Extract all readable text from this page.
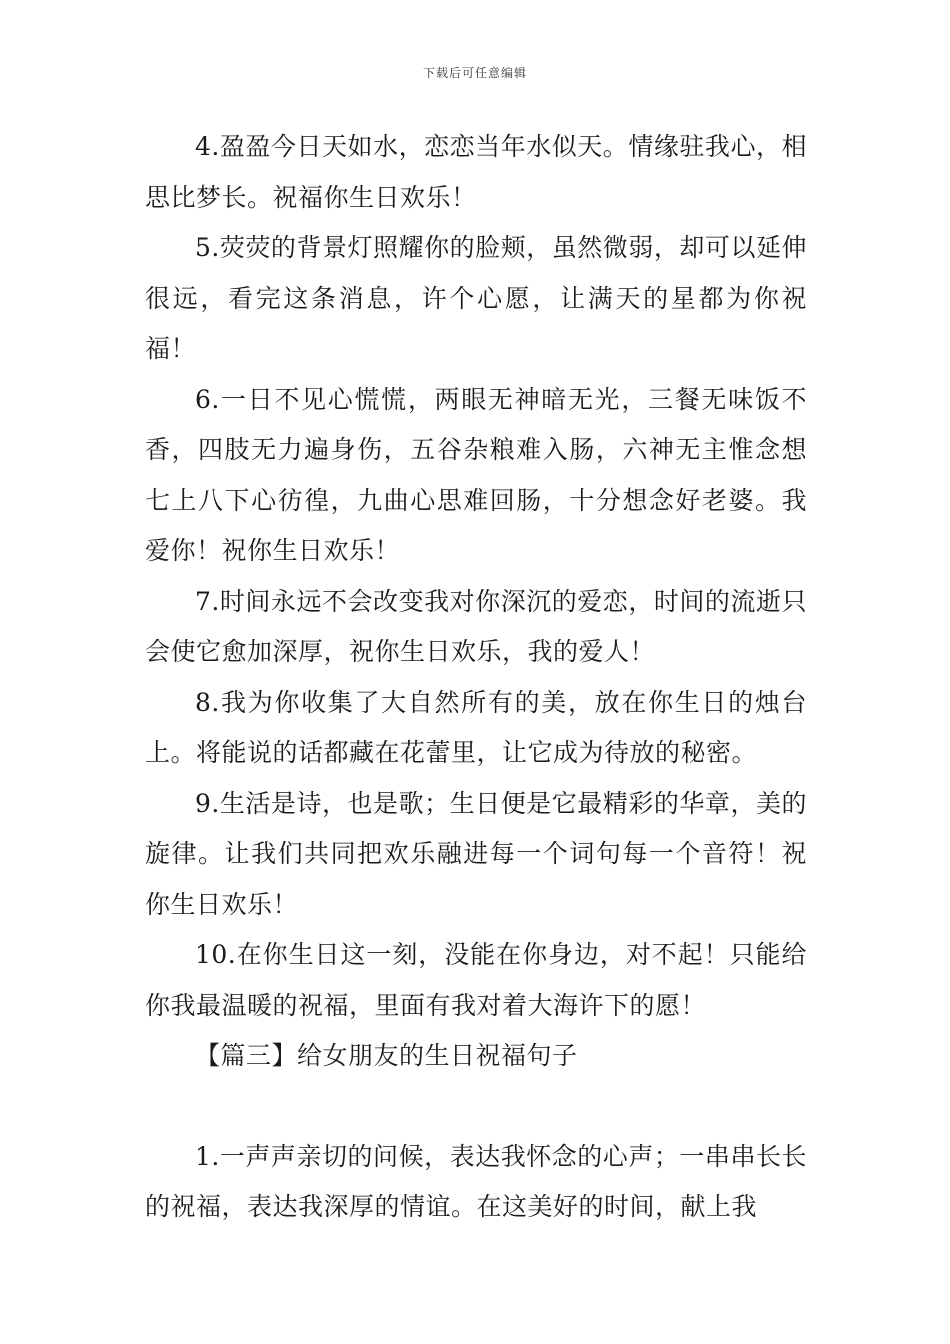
下载后可任意编辑

4.盈盈今日天如水，恋恋当年水似天。情缘驻我心，相思比梦长。祝福你生日欢乐！

5.荧荧的背景灯照耀你的脸颊，虽然微弱，却可以延伸很远，看完这条消息，许个心愿，让满天的星都为你祝福！

6.一日不见心慌慌，两眼无神暗无光，三餐无味饭不香，四肢无力遍身伤，五谷杂粮难入肠，六神无主惟念想七上八下心彷徨，九曲心思难回肠，十分想念好老婆。我爱你！祝你生日欢乐！

7.时间永远不会改变我对你深沉的爱恋，时间的流逝只会使它愈加深厚，祝你生日欢乐，我的爱人！

8.我为你收集了大自然所有的美，放在你生日的烛台上。将能说的话都藏在花蕾里，让它成为待放的秘密。

9.生活是诗，也是歌；生日便是它最精彩的华章，美的旋律。让我们共同把欢乐融进每一个词句每一个音符！祝你生日欢乐！

10.在你生日这一刻，没能在你身边，对不起！只能给你我最温暖的祝福，里面有我对着大海许下的愿！

【篇三】给女朋友的生日祝福句子

1.一声声亲切的问候，表达我怀念的心声；一串串长长的祝福，表达我深厚的情谊。在这美好的时间，献上我
